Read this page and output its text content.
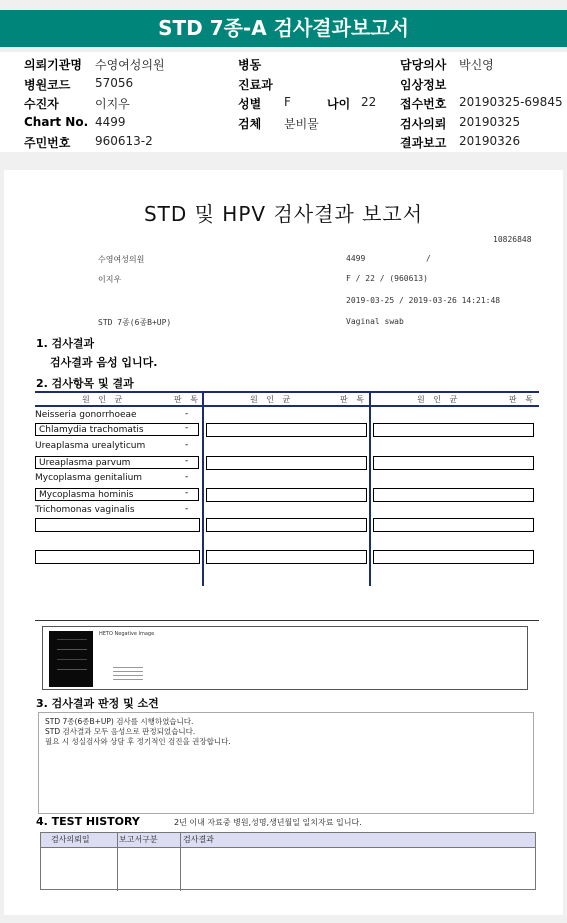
STD 7종-A 검사결과보고서
의뢰기관명 수영여성의원
병원코드 57056
수진자	이지우
Chart No. 4499
주민번호 960613-2
병동
진료과
성별 F	나이 22
검체 분비물
담당의사 박신영
임상정보
접수번호 20190325-69845
검사의뢰 20190325
결과보고 20190326
STD 및 HPV 검사결과 보고서
10826848
수영여성의원	4499	/
이지우	F / 22 / (960613)
2019-03-25 / 2019-03-26 14:21:48
STD 7종(6종B+UP)	Vaginal swab
1. 검사결과
검사결과 음성 입니다.
2. 검사항목 및 결과
원 인 균	판 독	원 인 균	판 독	원 인 균	판 독
Neisseria gonorrhoeae	-
Chlamydia trachomatis	-
Ureaplasma urealyticum	-
Ureaplasma parvum	-
Mycoplasma genitalium	-
Mycoplasma hominis	-
Trichomonas vaginalis	-
HETO Negative Image
3. 검사결과 판정 및 소견
STD 7종(6종B+UP) 검사를 시행하였습니다.
STD 검사결과 모두 음성으로 판정되었습니다.
필요 시 성실검사와 상담 후 정기적인 검진을 권장합니다.
4. TEST HISTORY	2년 이내 자료중 병원,성명,생년월일 일치자료 입니다.
검사의뢰일	보고서구분	검사결과
